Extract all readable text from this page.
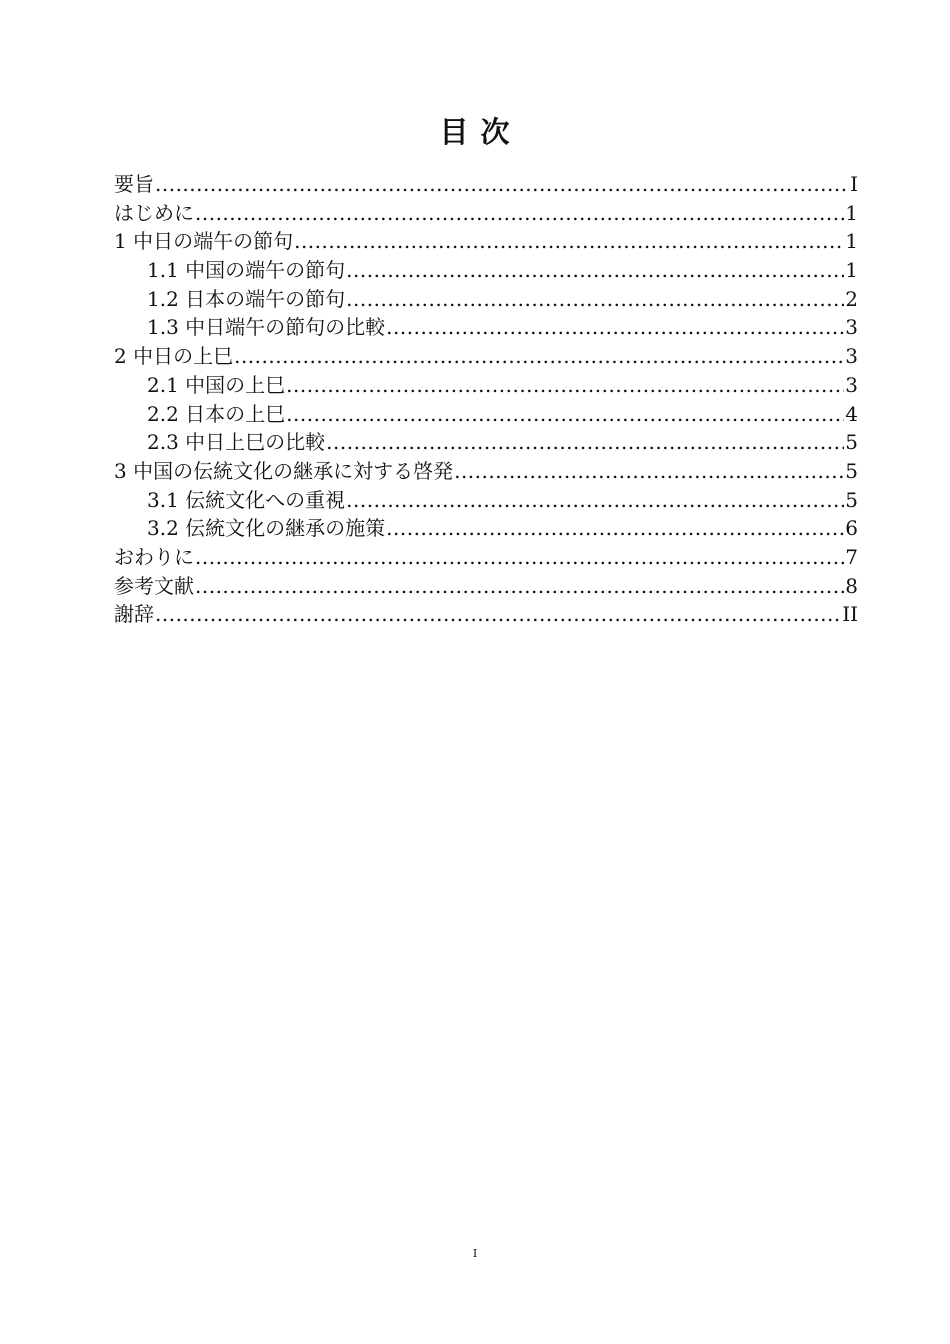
目 次
要旨 .....	I
はじめに .....	1
1 中日の端午の節句 .....	1
1.1 中国の端午の節句 .....	1
1.2 日本の端午の節句 .....	2
1.3 中日端午の節句の比較 .....	3
2 中日の上巳 .....	3
2.1 中国の上巳 .....	3
2.2 日本の上巳 .....	4
2.3 中日上巳の比較 .....	5
3 中国の伝統文化の継承に対する啓発 .....	5
3.1 伝統文化への重視 .....	5
3.2 伝統文化の継承の施策 .....	6
おわりに .....	7
参考文献 .....	8
謝辞 .....	II
I
